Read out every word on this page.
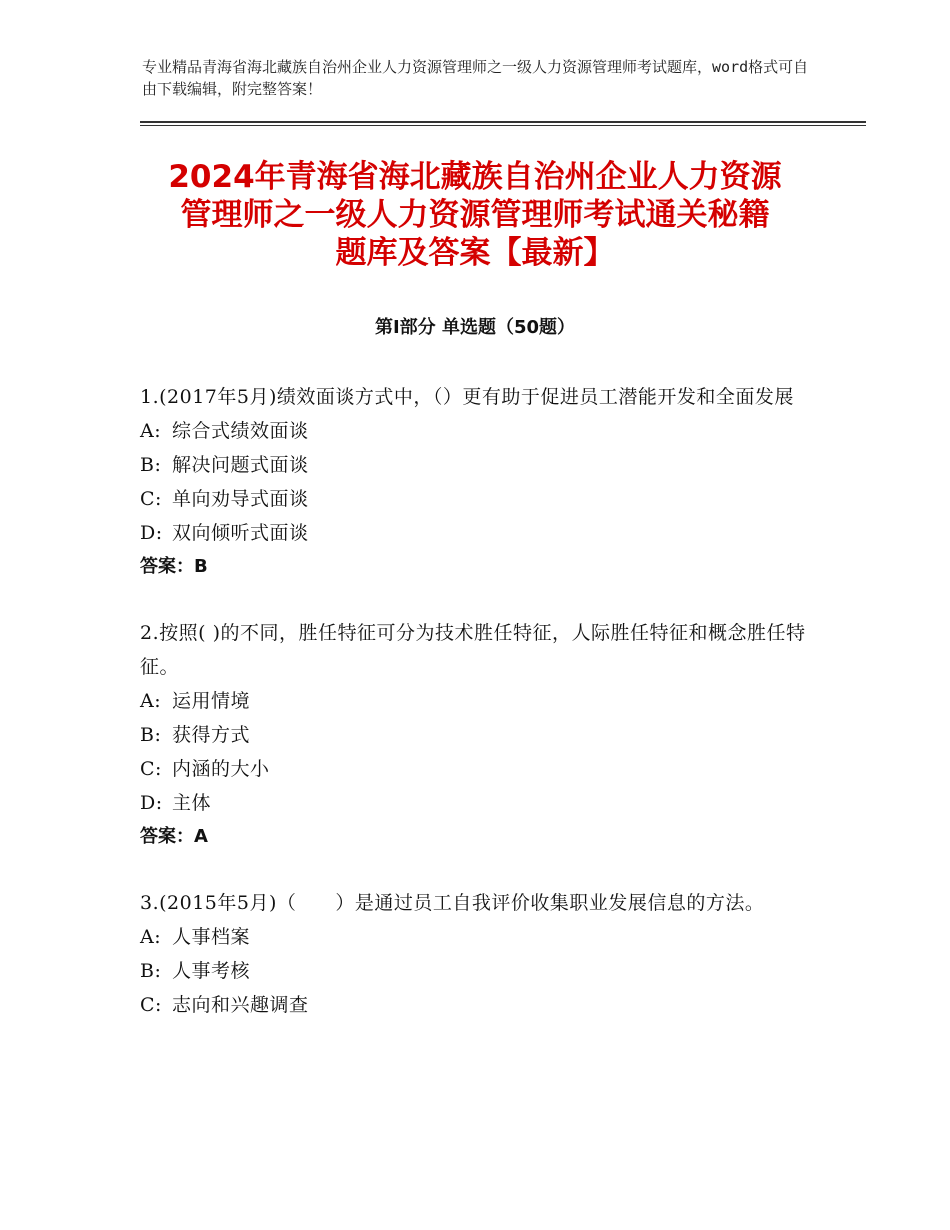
专业精品青海省海北藏族自治州企业人力资源管理师之一级人力资源管理师考试题库，word格式可自由下载编辑，附完整答案！
2024年青海省海北藏族自治州企业人力资源
管理师之一级人力资源管理师考试通关秘籍
题库及答案【最新】
第Ⅰ部分 单选题（50题）
1.(2017年5月)绩效面谈方式中，（）更有助于促进员工潜能开发和全面发展
A: 综合式绩效面谈
B: 解决问题式面谈
C: 单向劝导式面谈
D: 双向倾听式面谈
答案：B
2.按照( )的不同，胜任特征可分为技术胜任特征，人际胜任特征和概念胜任特征。
A: 运用情境
B: 获得方式
C: 内涵的大小
D: 主体
答案：A
3.(2015年5月)（　　）是通过员工自我评价收集职业发展信息的方法。
A: 人事档案
B: 人事考核
C: 志向和兴趣调查
